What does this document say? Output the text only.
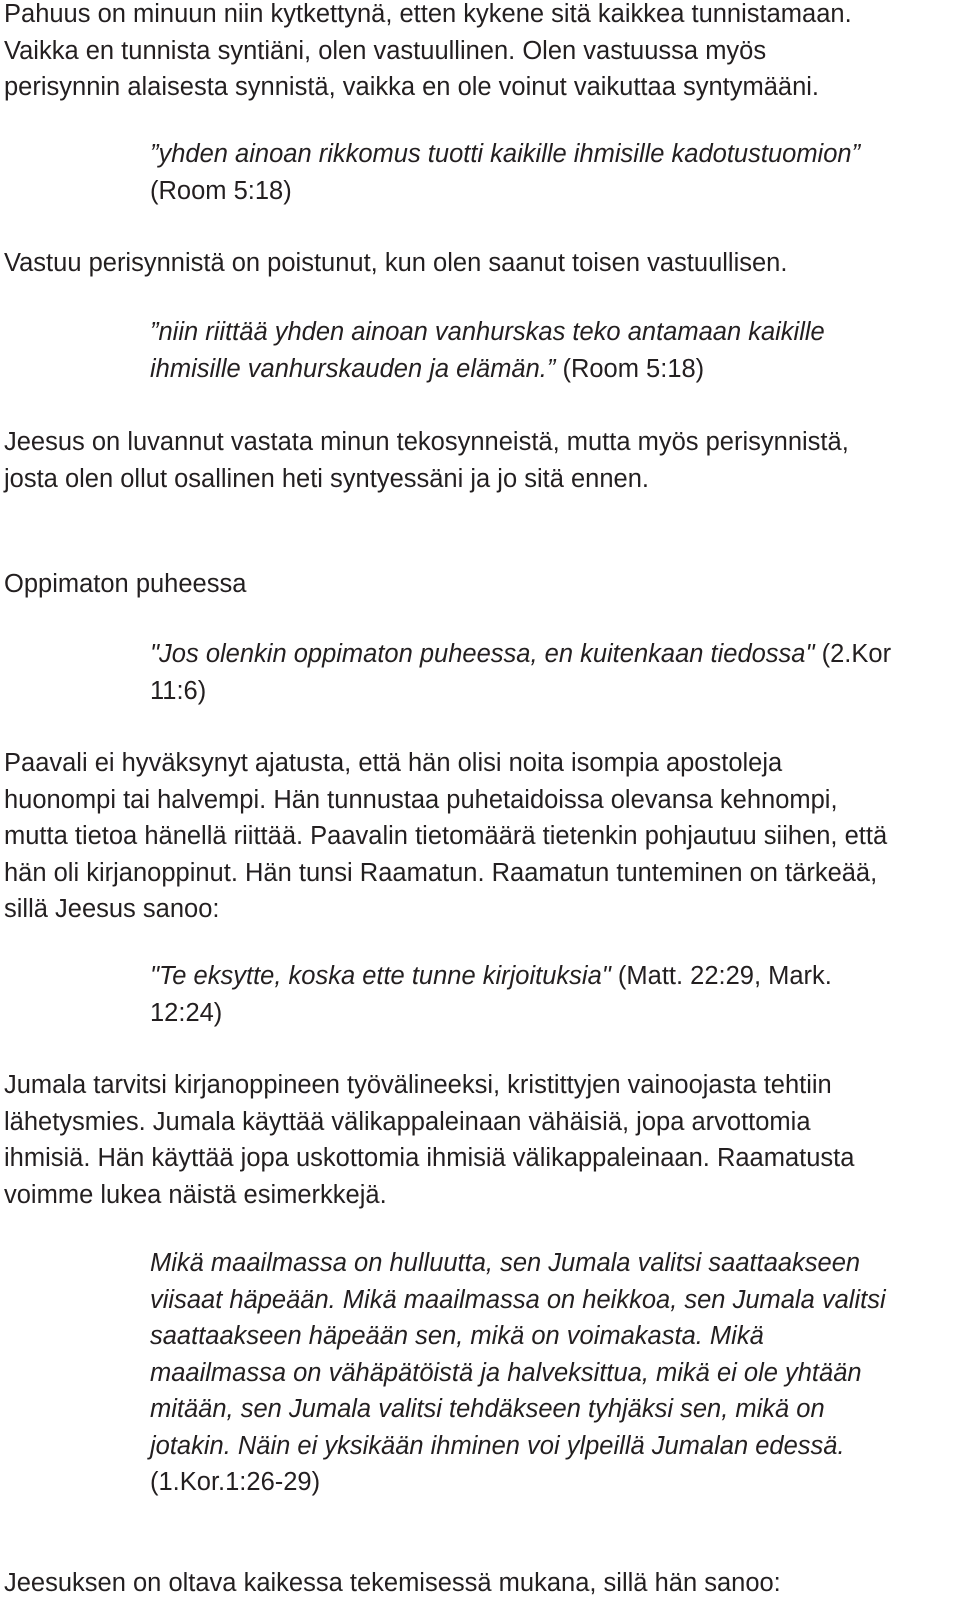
Pahuus on minuun niin kytkettynä, etten kykene sitä kaikkea tunnistamaan.
Vaikka en tunnista syntiäni, olen vastuullinen. Olen vastuussa myös
perisynnin alaisesta synnistä, vaikka en ole voinut vaikuttaa syntymääni.
”yhden ainoan rikkomus tuotti kaikille ihmisille kadotustuomion”
(Room 5:18)
Vastuu perisynnistä on poistunut, kun olen saanut toisen vastuullisen.
”niin riittää yhden ainoan vanhurskas teko antamaan kaikille
ihmisille vanhurskauden ja elämän.” (Room 5:18)
Jeesus on luvannut vastata minun tekosynneistä, mutta myös perisynnistä,
josta olen ollut osallinen heti syntyessäni ja jo sitä ennen.
Oppimaton puheessa
"Jos olenkin oppimaton puheessa, en kuitenkaan tiedossa" (2.Kor
11:6)
Paavali ei hyväksynyt ajatusta, että hän olisi noita isompia apostoleja
huonompi tai halvempi. Hän tunnustaa puhetaidoissa olevansa kehnompi,
mutta tietoa hänellä riittää. Paavalin tietomäärä tietenkin pohjautuu siihen, että
hän oli kirjanoppinut. Hän tunsi Raamatun. Raamatun tunteminen on tärkeää,
sillä Jeesus sanoo:
"Te eksytte, koska ette tunne kirjoituksia" (Matt. 22:29, Mark.
12:24)
Jumala tarvitsi kirjanoppineen työvälineeksi, kristittyjen vainoojasta tehtiin
lähetysmies. Jumala käyttää välikappaleinaan vähäisiä, jopa arvottomia
ihmisiä. Hän käyttää jopa uskottomia ihmisiä välikappaleinaan. Raamatusta
voimme lukea näistä esimerkkejä.
Mikä maailmassa on hulluutta, sen Jumala valitsi saattaakseen
viisaat häpeään. Mikä maailmassa on heikkoa, sen Jumala valitsi
saattaakseen häpeään sen, mikä on voimakasta. Mikä
maailmassa on vähäpätöistä ja halveksittua, mikä ei ole yhtään
mitään, sen Jumala valitsi tehdäkseen tyhjäksi sen, mikä on
jotakin. Näin ei yksikään ihminen voi ylpeillä Jumalan edessä.
(1.Kor.1:26-29)
Jeesuksen on oltava kaikessa tekemisessä mukana, sillä hän sanoo:
